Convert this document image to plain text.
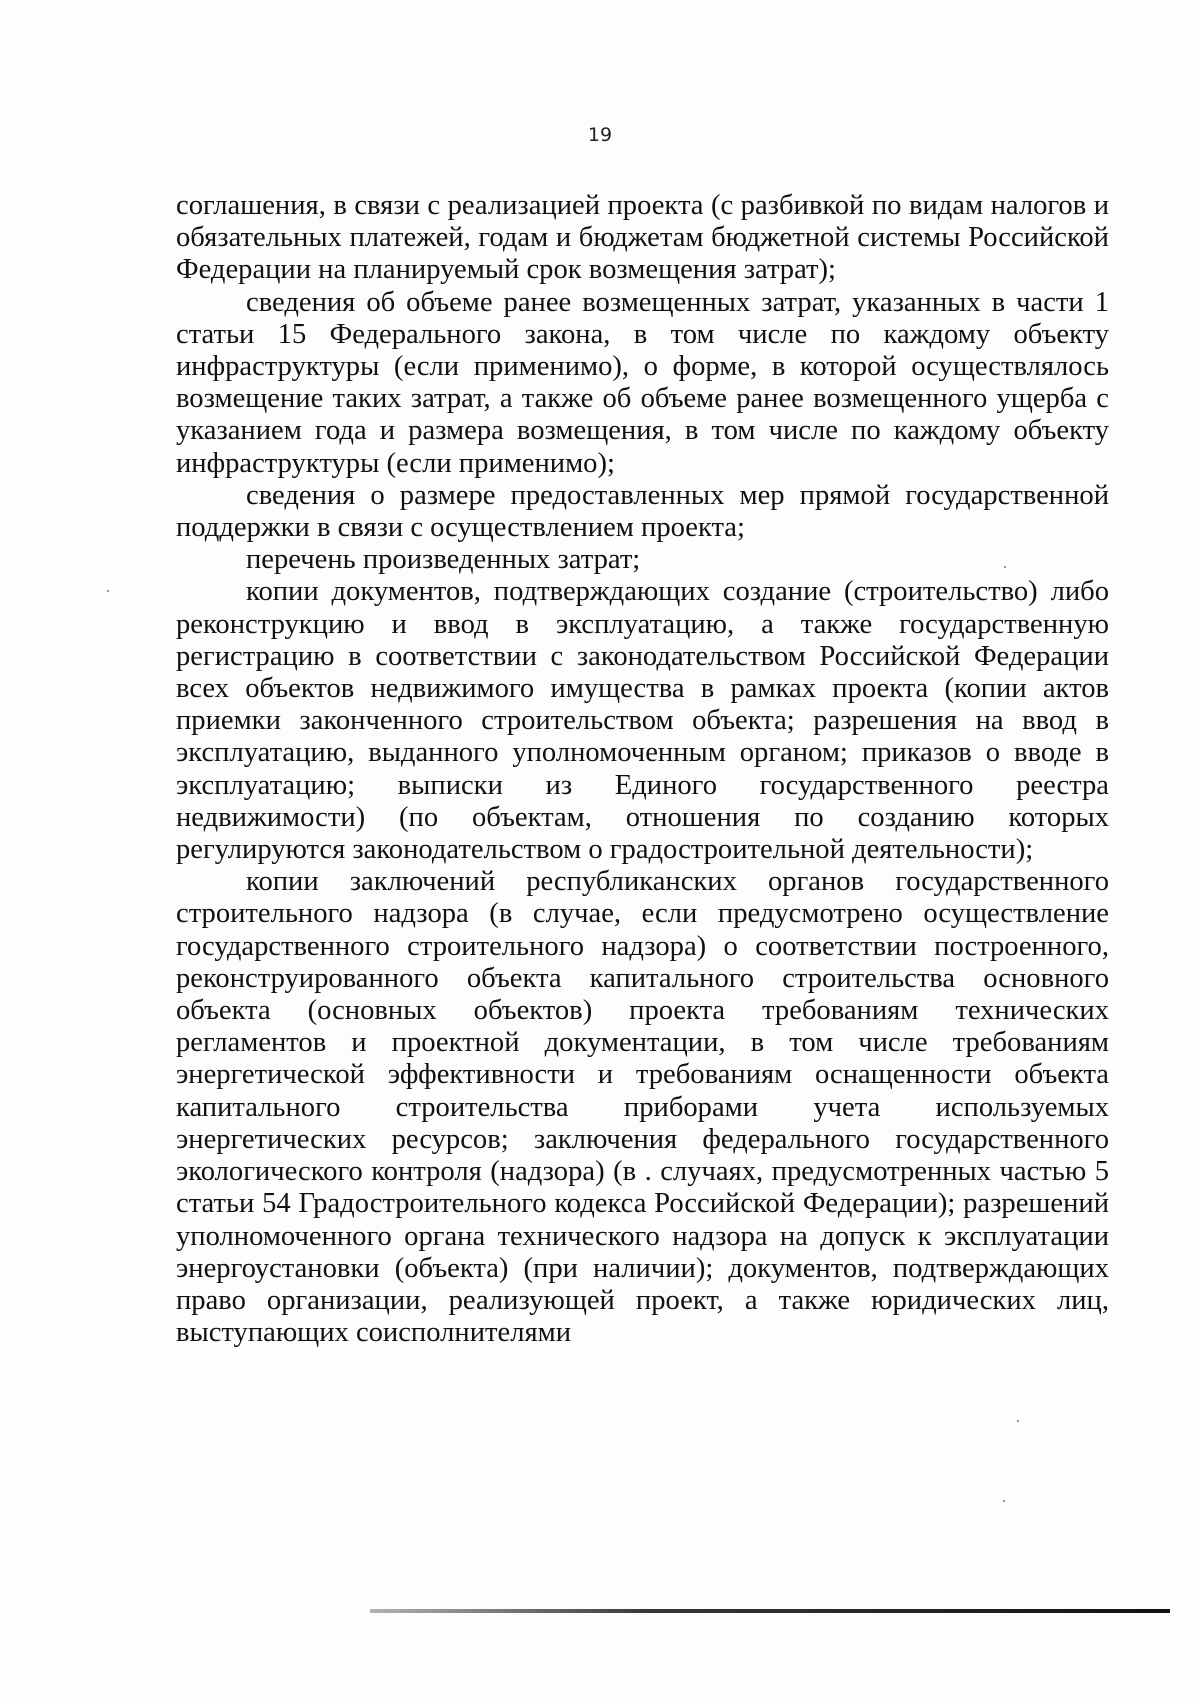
19

соглашения, в связи с реализацией проекта (с разбивкой по видам налогов и обязательных платежей, годам и бюджетам бюджетной системы Российской Федерации на планируемый срок возмещения затрат);

сведения об объеме ранее возмещенных затрат, указанных в части 1 статьи 15 Федерального закона, в том числе по каждому объекту инфраструктуры (если применимо), о форме, в которой осуществлялось возмещение таких затрат, а также об объеме ранее возмещенного ущерба с указанием года и размера возмещения, в том числе по каждому объекту инфраструктуры (если применимо);

сведения о размере предоставленных мер прямой государственной поддержки в связи с осуществлением проекта;

перечень произведенных затрат;

копии документов, подтверждающих создание (строительство) либо реконструкцию и ввод в эксплуатацию, а также государственную регистрацию в соответствии с законодательством Российской Федерации всех объектов недвижимого имущества в рамках проекта (копии актов приемки законченного строительством объекта; разрешения на ввод в эксплуатацию, выданного уполномоченным органом; приказов о вводе в эксплуатацию; выписки из Единого государственного реестра недвижимости) (по объектам, отношения по созданию которых регулируются законодательством о градостроительной деятельности);

копии заключений республиканских органов государственного строительного надзора (в случае, если предусмотрено осуществление государственного строительного надзора) о соответствии построенного, реконструированного объекта капитального строительства основного объекта (основных объектов) проекта требованиям технических регламентов и проектной документации, в том числе требованиям энергетической эффективности и требованиям оснащенности объекта капитального строительства приборами учета используемых энергетических ресурсов; заключения федерального государственного экологического контроля (надзора) (в . случаях, предусмотренных частью 5 статьи 54 Градостроительного кодекса Российской Федерации); разрешений уполномоченного органа технического надзора на допуск к эксплуатации энергоустановки (объекта) (при наличии); документов, подтверждающих право организации, реализующей проект, а также юридических лиц, выступающих соисполнителями
